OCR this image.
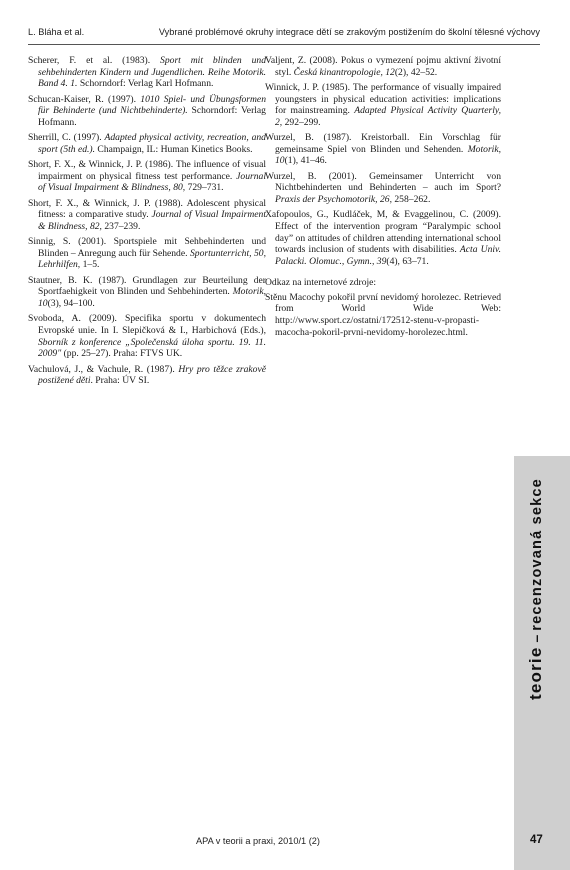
L. Bláha et al.	Vybrané problémové okruhy integrace dětí se zrakovým postižením do školní tělesné výchovy

Scherer, F. et al. (1983). Sport mit blinden und sehbehinderten Kindern und Jugendlichen. Reihe Motorik. Band 4. 1. Schorndorf: Verlag Karl Hofmann.

Schucan-Kaiser, R. (1997). 1010 Spiel- und Übungsformen für Behinderte (und Nichtbehinderte). Schorndorf: Verlag Hofmann.

Sherrill, C. (1997). Adapted physical activity, recreation, and sport (5th ed.). Champaign, IL: Human Kinetics Books.

Short, F. X., & Winnick, J. P. (1986). The influence of visual impairment on physical fitness test performance. Journal of Visual Impairment & Blindness, 80, 729–731.

Short, F. X., & Winnick, J. P. (1988). Adolescent physical fitness: a comparative study. Journal of Visual Impairment & Blindness, 82, 237–239.

Sinnig, S. (2001). Sportspiele mit Sehbehinderten und Blinden – Anregung auch für Sehende. Sportunterricht, 50, Lehrhilfen, 1–5.

Stautner, B. K. (1987). Grundlagen zur Beurteilung der Sportfaehigkeit von Blinden und Sehbehinderten. Motorik, 10(3), 94–100.

Svoboda, A. (2009). Specifika sportu v dokumentech Evropské unie. In I. Slepičková & I., Harbichová (Eds.), Sborník z konference „Společenská úloha sportu. 19. 11. 2009" (pp. 25–27). Praha: FTVS UK.

Vachulová, J., & Vachule, R. (1987). Hry pro těžce zrakově postižené děti. Praha: ÚV SI.

Valjent, Z. (2008). Pokus o vymezení pojmu aktivní životní styl. Česká kinantropologie, 12(2), 42–52.

Winnick, J. P. (1985). The performance of visually impaired youngsters in physical education activities: implications for mainstreaming. Adapted Physical Activity Quarterly, 2, 292–299.

Wurzel, B. (1987). Kreistorball. Ein Vorschlag für gemeinsame Spiel von Blinden und Sehenden. Motorik, 10(1), 41–46.

Wurzel, B. (2001). Gemeinsamer Unterricht von Nichtbehinderten und Behinderten – auch im Sport? Praxis der Psychomotorik, 26, 258–262.

Xafopoulos, G., Kudláček, M, & Evaggelinou, C. (2009). Effect of the intervention program “Paralympic school day” on attitudes of children attending international school towards inclusion of students with disabilities. Acta Univ. Palacki. Olomuc., Gymn., 39(4), 63–71.

Odkaz na internetové zdroje:

Stěnu Macochy pokořil první nevidomý horolezec. Retrieved from World Wide Web: http://www.sport.cz/ostatni/172512-stenu-v-propasti-macocha-pokoril-prvni-nevidomy-horolezec.html.

teorie–recenzovaná sekce
APA v teorii a praxi, 2010/1 (2)	47
